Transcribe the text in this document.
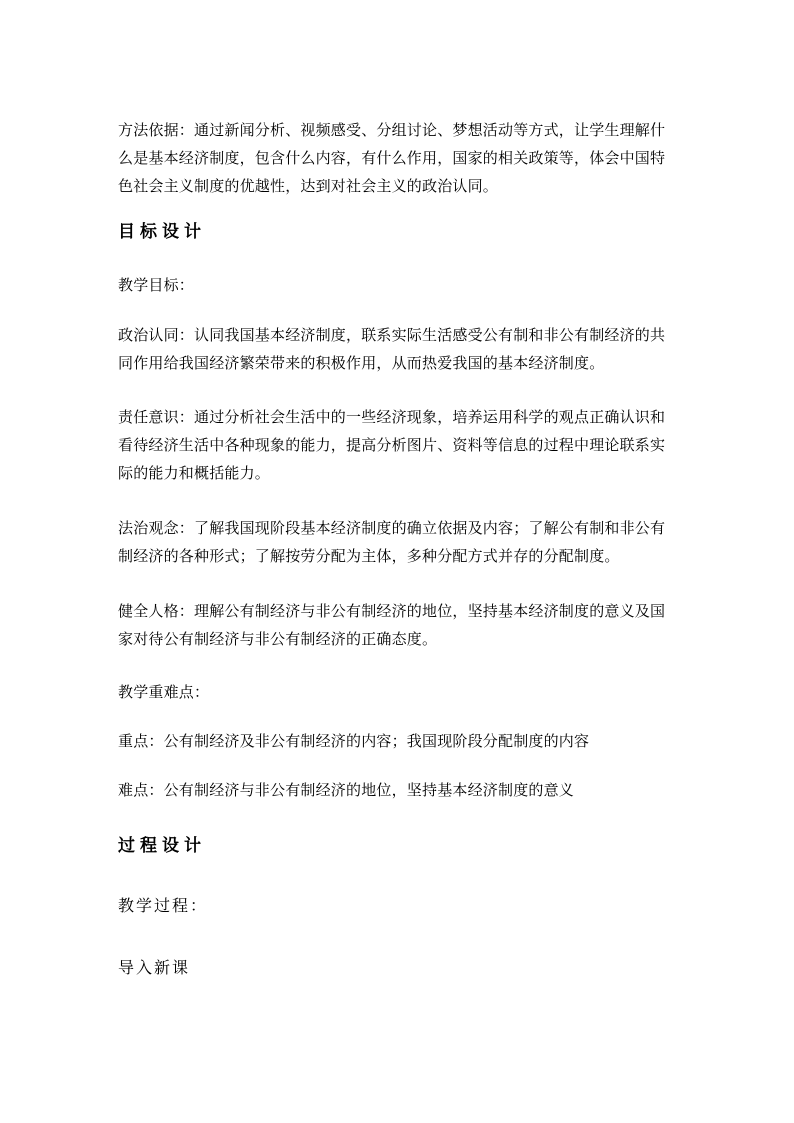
方法依据：通过新闻分析、视频感受、分组讨论、梦想活动等方式，让学生理解什么是基本经济制度，包含什么内容，有什么作用，国家的相关政策等，体会中国特色社会主义制度的优越性，达到对社会主义的政治认同。
目标设计
教学目标：
政治认同：认同我国基本经济制度，联系实际生活感受公有制和非公有制经济的共同作用给我国经济繁荣带来的积极作用，从而热爱我国的基本经济制度。
责任意识：通过分析社会生活中的一些经济现象，培养运用科学的观点正确认识和看待经济生活中各种现象的能力，提高分析图片、资料等信息的过程中理论联系实际的能力和概括能力。
法治观念：了解我国现阶段基本经济制度的确立依据及内容；了解公有制和非公有制经济的各种形式；了解按劳分配为主体，多种分配方式并存的分配制度。
健全人格：理解公有制经济与非公有制经济的地位，坚持基本经济制度的意义及国家对待公有制经济与非公有制经济的正确态度。
教学重难点：
重点：公有制经济及非公有制经济的内容；我国现阶段分配制度的内容
难点：公有制经济与非公有制经济的地位，坚持基本经济制度的意义
过程设计
教学过程：
导入新课
